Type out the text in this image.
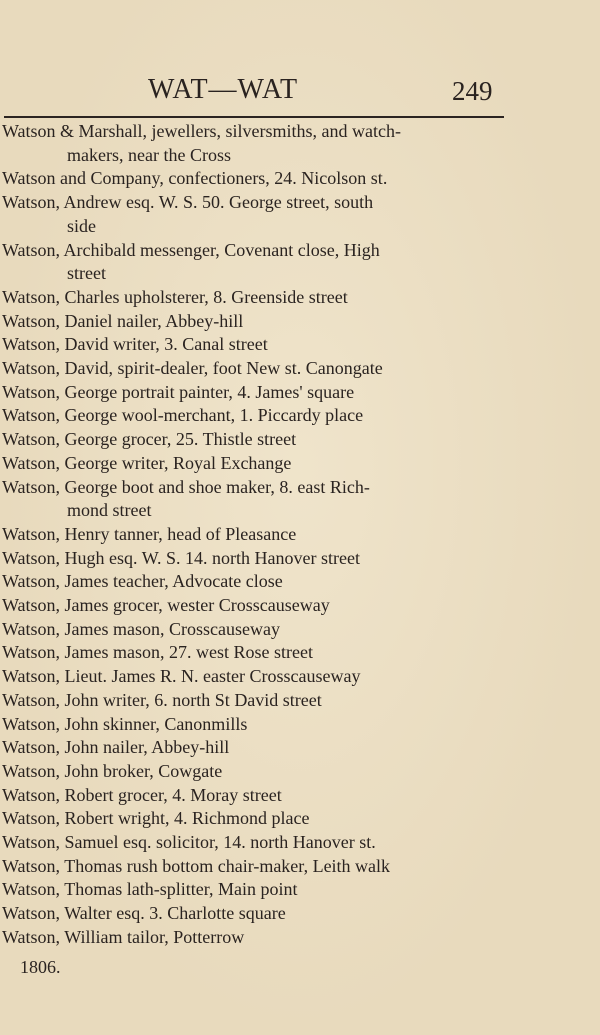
WAT—WAT	249
Watson & Marshall, jewellers, silversmiths, and watch-
makers, near the Cross
Watson and Company, confectioners, 24. Nicolson st.
Watson, Andrew esq. W. S. 50. George street, south
side
Watson, Archibald messenger, Covenant close, High
street
Watson, Charles upholsterer, 8. Greenside street
Watson, Daniel nailer, Abbey-hill
Watson, David writer, 3. Canal street
Watson, David, spirit-dealer, foot New st. Canongate
Watson, George portrait painter, 4. James' square
Watson, George wool-merchant, 1. Piccardy place
Watson, George grocer, 25. Thistle street
Watson, George writer, Royal Exchange
Watson, George boot and shoe maker, 8. east Rich-
mond street
Watson, Henry tanner, head of Pleasance
Watson, Hugh esq. W. S. 14. north Hanover street
Watson, James teacher, Advocate close
Watson, James grocer, wester Crosscauseway
Watson, James mason, Crosscauseway
Watson, James mason, 27. west Rose street
Watson, Lieut. James R. N. easter Crosscauseway
Watson, John writer, 6. north St David street
Watson, John skinner, Canonmills
Watson, John nailer, Abbey-hill
Watson, John broker, Cowgate
Watson, Robert grocer, 4. Moray street
Watson, Robert wright, 4. Richmond place
Watson, Samuel esq. solicitor, 14. north Hanover st.
Watson, Thomas rush bottom chair-maker, Leith walk
Watson, Thomas lath-splitter, Main point
Watson, Walter esq. 3. Charlotte square
Watson, William tailor, Potterrow
1806.
